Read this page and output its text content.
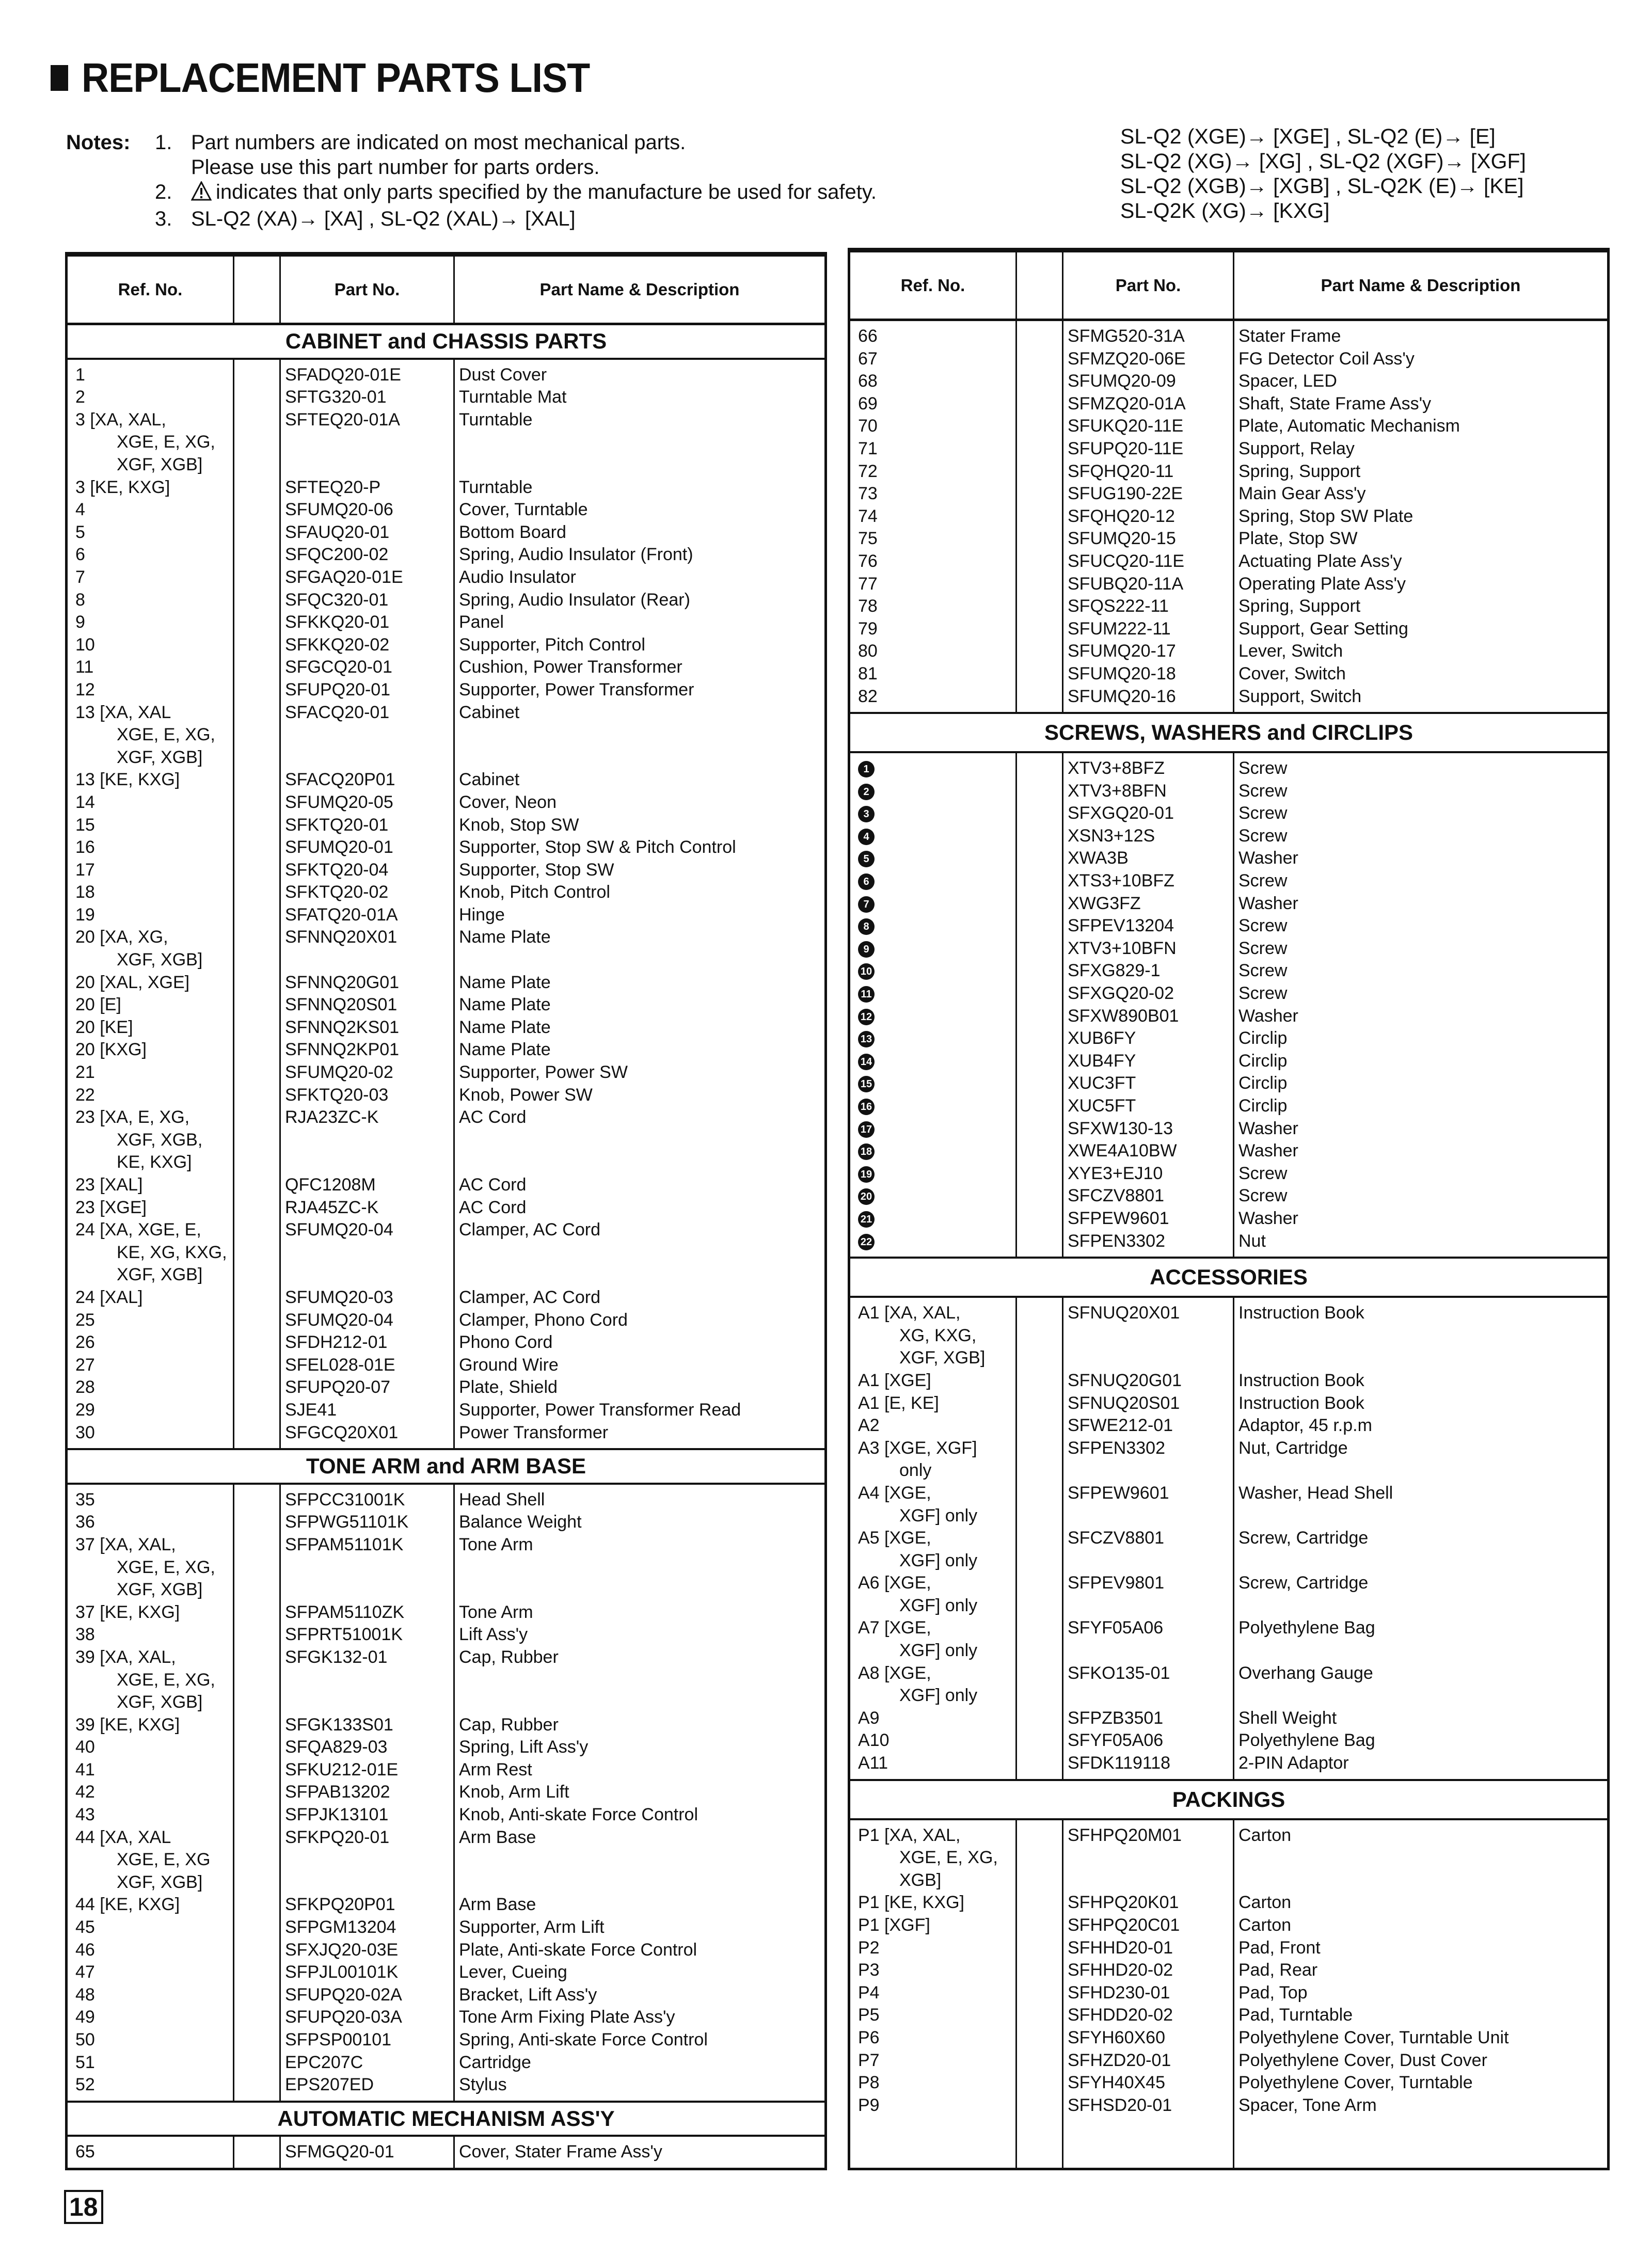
REPLACEMENT PARTS LIST
Notes: 1. Part numbers are indicated on most mechanical parts.
Please use this part number for parts orders.
2.	indicates that only parts specified by the manufacture be used for safety.
3. SL-Q2 (XA)→ [XA] , SL-Q2 (XAL)→ [XAL]
SL-Q2 (XGE)→ [XGE] , SL-Q2 (E)→ [E]
SL-Q2 (XG)→ [XG] , SL-Q2 (XGF)→ [XGF]
SL-Q2 (XGB)→ [XGB] , SL-Q2K (E)→ [KE]
SL-Q2K (XG)→ [KXG]
Ref. No.	Part No.	Part Name & Description
CABINET and CHASSIS PARTS
1	SFADQ20-01E	Dust Cover
2	SFTG320-01	Turntable Mat
3 [XA, XAL,
XGE, E, XG,
XGF, XGB]
SFTEQ20-01A	Turntable
3 [KE, KXG]	SFTEQ20-P	Turntable
4	SFUMQ20-06	Cover, Turntable
5	SFAUQ20-01	Bottom Board
6	SFQC200-02	Spring, Audio Insulator (Front)
7	SFGAQ20-01E	Audio Insulator
8	SFQC320-01	Spring, Audio Insulator (Rear)
9	SFKKQ20-01	Panel
10	SFKKQ20-02	Supporter, Pitch Control
11	SFGCQ20-01	Cushion, Power Transformer
12	SFUPQ20-01	Supporter, Power Transformer
13 [XA, XAL
XGE, E, XG,
XGF, XGB]
SFACQ20-01	Cabinet
13 [KE, KXG]	SFACQ20P01	Cabinet
14	SFUMQ20-05	Cover, Neon
15	SFKTQ20-01	Knob, Stop SW
16	SFUMQ20-01	Supporter, Stop SW & Pitch Control
17	SFKTQ20-04	Supporter, Stop SW
18	SFKTQ20-02	Knob, Pitch Control
19	SFATQ20-01A	Hinge
20 [XA, XG,
XGF, XGB]
SFNNQ20X01	Name Plate
20 [XAL, XGE]	SFNNQ20G01	Name Plate
20 [E]	SFNNQ20S01	Name Plate
20 [KE]	SFNNQ2KS01	Name Plate
20 [KXG]	SFNNQ2KP01	Name Plate
21	SFUMQ20-02	Supporter, Power SW
22	SFKTQ20-03	Knob, Power SW
23 [XA, E, XG,
XGF, XGB,
KE, KXG]
RJA23ZC-K	AC Cord
23 [XAL]	QFC1208M	AC Cord
23 [XGE]	RJA45ZC-K	AC Cord
24 [XA, XGE, E,
KE, XG, KXG,
XGF, XGB]
SFUMQ20-04	Clamper, AC Cord
24 [XAL]	SFUMQ20-03	Clamper, AC Cord
25	SFUMQ20-04	Clamper, Phono Cord
26	SFDH212-01	Phono Cord
27	SFEL028-01E	Ground Wire
28	SFUPQ20-07	Plate, Shield
29	SJE41	Supporter, Power Transformer Read
30	SFGCQ20X01	Power Transformer
TONE ARM and ARM BASE
35	SFPCC31001K	Head Shell
36	SFPWG51101K	Balance Weight
37 [XA, XAL,
XGE, E, XG,
XGF, XGB]
SFPAM51101K	Tone Arm
37 [KE, KXG]	SFPAM5110ZK	Tone Arm
38	SFPRT51001K	Lift Ass'y
39 [XA, XAL,
XGE, E, XG,
XGF, XGB]
SFGK132-01	Cap, Rubber
39 [KE, KXG]	SFGK133S01	Cap, Rubber
40	SFQA829-03	Spring, Lift Ass'y
41	SFKU212-01E	Arm Rest
42	SFPAB13202	Knob, Arm Lift
43	SFPJK13101	Knob, Anti-skate Force Control
44 [XA, XAL
XGE, E, XG
XGF, XGB]
SFKPQ20-01	Arm Base
44 [KE, KXG]	SFKPQ20P01	Arm Base
45	SFPGM13204	Supporter, Arm Lift
46	SFXJQ20-03E	Plate, Anti-skate Force Control
47	SFPJL00101K	Lever, Cueing
48	SFUPQ20-02A	Bracket, Lift Ass'y
49	SFUPQ20-03A	Tone Arm Fixing Plate Ass'y
50	SFPSP00101	Spring, Anti-skate Force Control
51	EPC207C	Cartridge
52	EPS207ED	Stylus
AUTOMATIC MECHANISM ASS'Y
65	SFMGQ20-01	Cover, Stater Frame Ass'y
Ref. No.	Part No.	Part Name & Description
66	SFMG520-31A	Stater Frame
67	SFMZQ20-06E	FG Detector Coil Ass'y
68	SFUMQ20-09	Spacer, LED
69	SFMZQ20-01A	Shaft, State Frame Ass'y
70	SFUKQ20-11E	Plate, Automatic Mechanism
71	SFUPQ20-11E	Support, Relay
72	SFQHQ20-11	Spring, Support
73	SFUG190-22E	Main Gear Ass'y
74	SFQHQ20-12	Spring, Stop SW Plate
75	SFUMQ20-15	Plate, Stop SW
76	SFUCQ20-11E	Actuating Plate Ass'y
77	SFUBQ20-11A	Operating Plate Ass'y
78	SFQS222-11	Spring, Support
79	SFUM222-11	Support, Gear Setting
80	SFUMQ20-17	Lever, Switch
81	SFUMQ20-18	Cover, Switch
82	SFUMQ20-16	Support, Switch
SCREWS, WASHERS and CIRCLIPS
1	XTV3+8BFZ	Screw
2	XTV3+8BFN	Screw
3	SFXGQ20-01	Screw
4	XSN3+12S	Screw
5	XWA3B	Washer
6	XTS3+10BFZ	Screw
7	XWG3FZ	Washer
8	SFPEV13204	Screw
9	XTV3+10BFN	Screw
10	SFXG829-1	Screw
11	SFXGQ20-02	Screw
12	SFXW890B01	Washer
13	XUB6FY	Circlip
14	XUB4FY	Circlip
15	XUC3FT	Circlip
16	XUC5FT	Circlip
17	SFXW130-13	Washer
18	XWE4A10BW	Washer
19	XYE3+EJ10	Screw
20	SFCZV8801	Screw
21	SFPEW9601	Washer
22	SFPEN3302	Nut
ACCESSORIES
A1 [XA, XAL,
XG, KXG,
XGF, XGB]
SFNUQ20X01	Instruction Book
A1 [XGE]	SFNUQ20G01	Instruction Book
A1 [E, KE]	SFNUQ20S01	Instruction Book
A2	SFWE212-01	Adaptor, 45 r.p.m
A3 [XGE, XGF]
only
SFPEN3302	Nut, Cartridge
A4 [XGE,
XGF] only
SFPEW9601	Washer, Head Shell
A5 [XGE,
XGF] only
SFCZV8801	Screw, Cartridge
A6 [XGE,
XGF] only
SFPEV9801	Screw, Cartridge
A7 [XGE,
XGF] only
SFYF05A06	Polyethylene Bag
A8 [XGE,
XGF] only
SFKO135-01	Overhang Gauge
A9	SFPZB3501	Shell Weight
A10	SFYF05A06	Polyethylene Bag
A11	SFDK119118	2-PIN Adaptor
PACKINGS
P1 [XA, XAL,
XGE, E, XG,
XGB]
SFHPQ20M01	Carton
P1 [KE, KXG]	SFHPQ20K01	Carton
P1 [XGF]	SFHPQ20C01	Carton
P2	SFHHD20-01	Pad, Front
P3	SFHHD20-02	Pad, Rear
P4	SFHD230-01	Pad, Top
P5	SFHDD20-02	Pad, Turntable
P6	SFYH60X60	Polyethylene Cover, Turntable Unit
P7	SFHZD20-01	Polyethylene Cover, Dust Cover
P8	SFYH40X45	Polyethylene Cover, Turntable
P9	SFHSD20-01	Spacer, Tone Arm
18
